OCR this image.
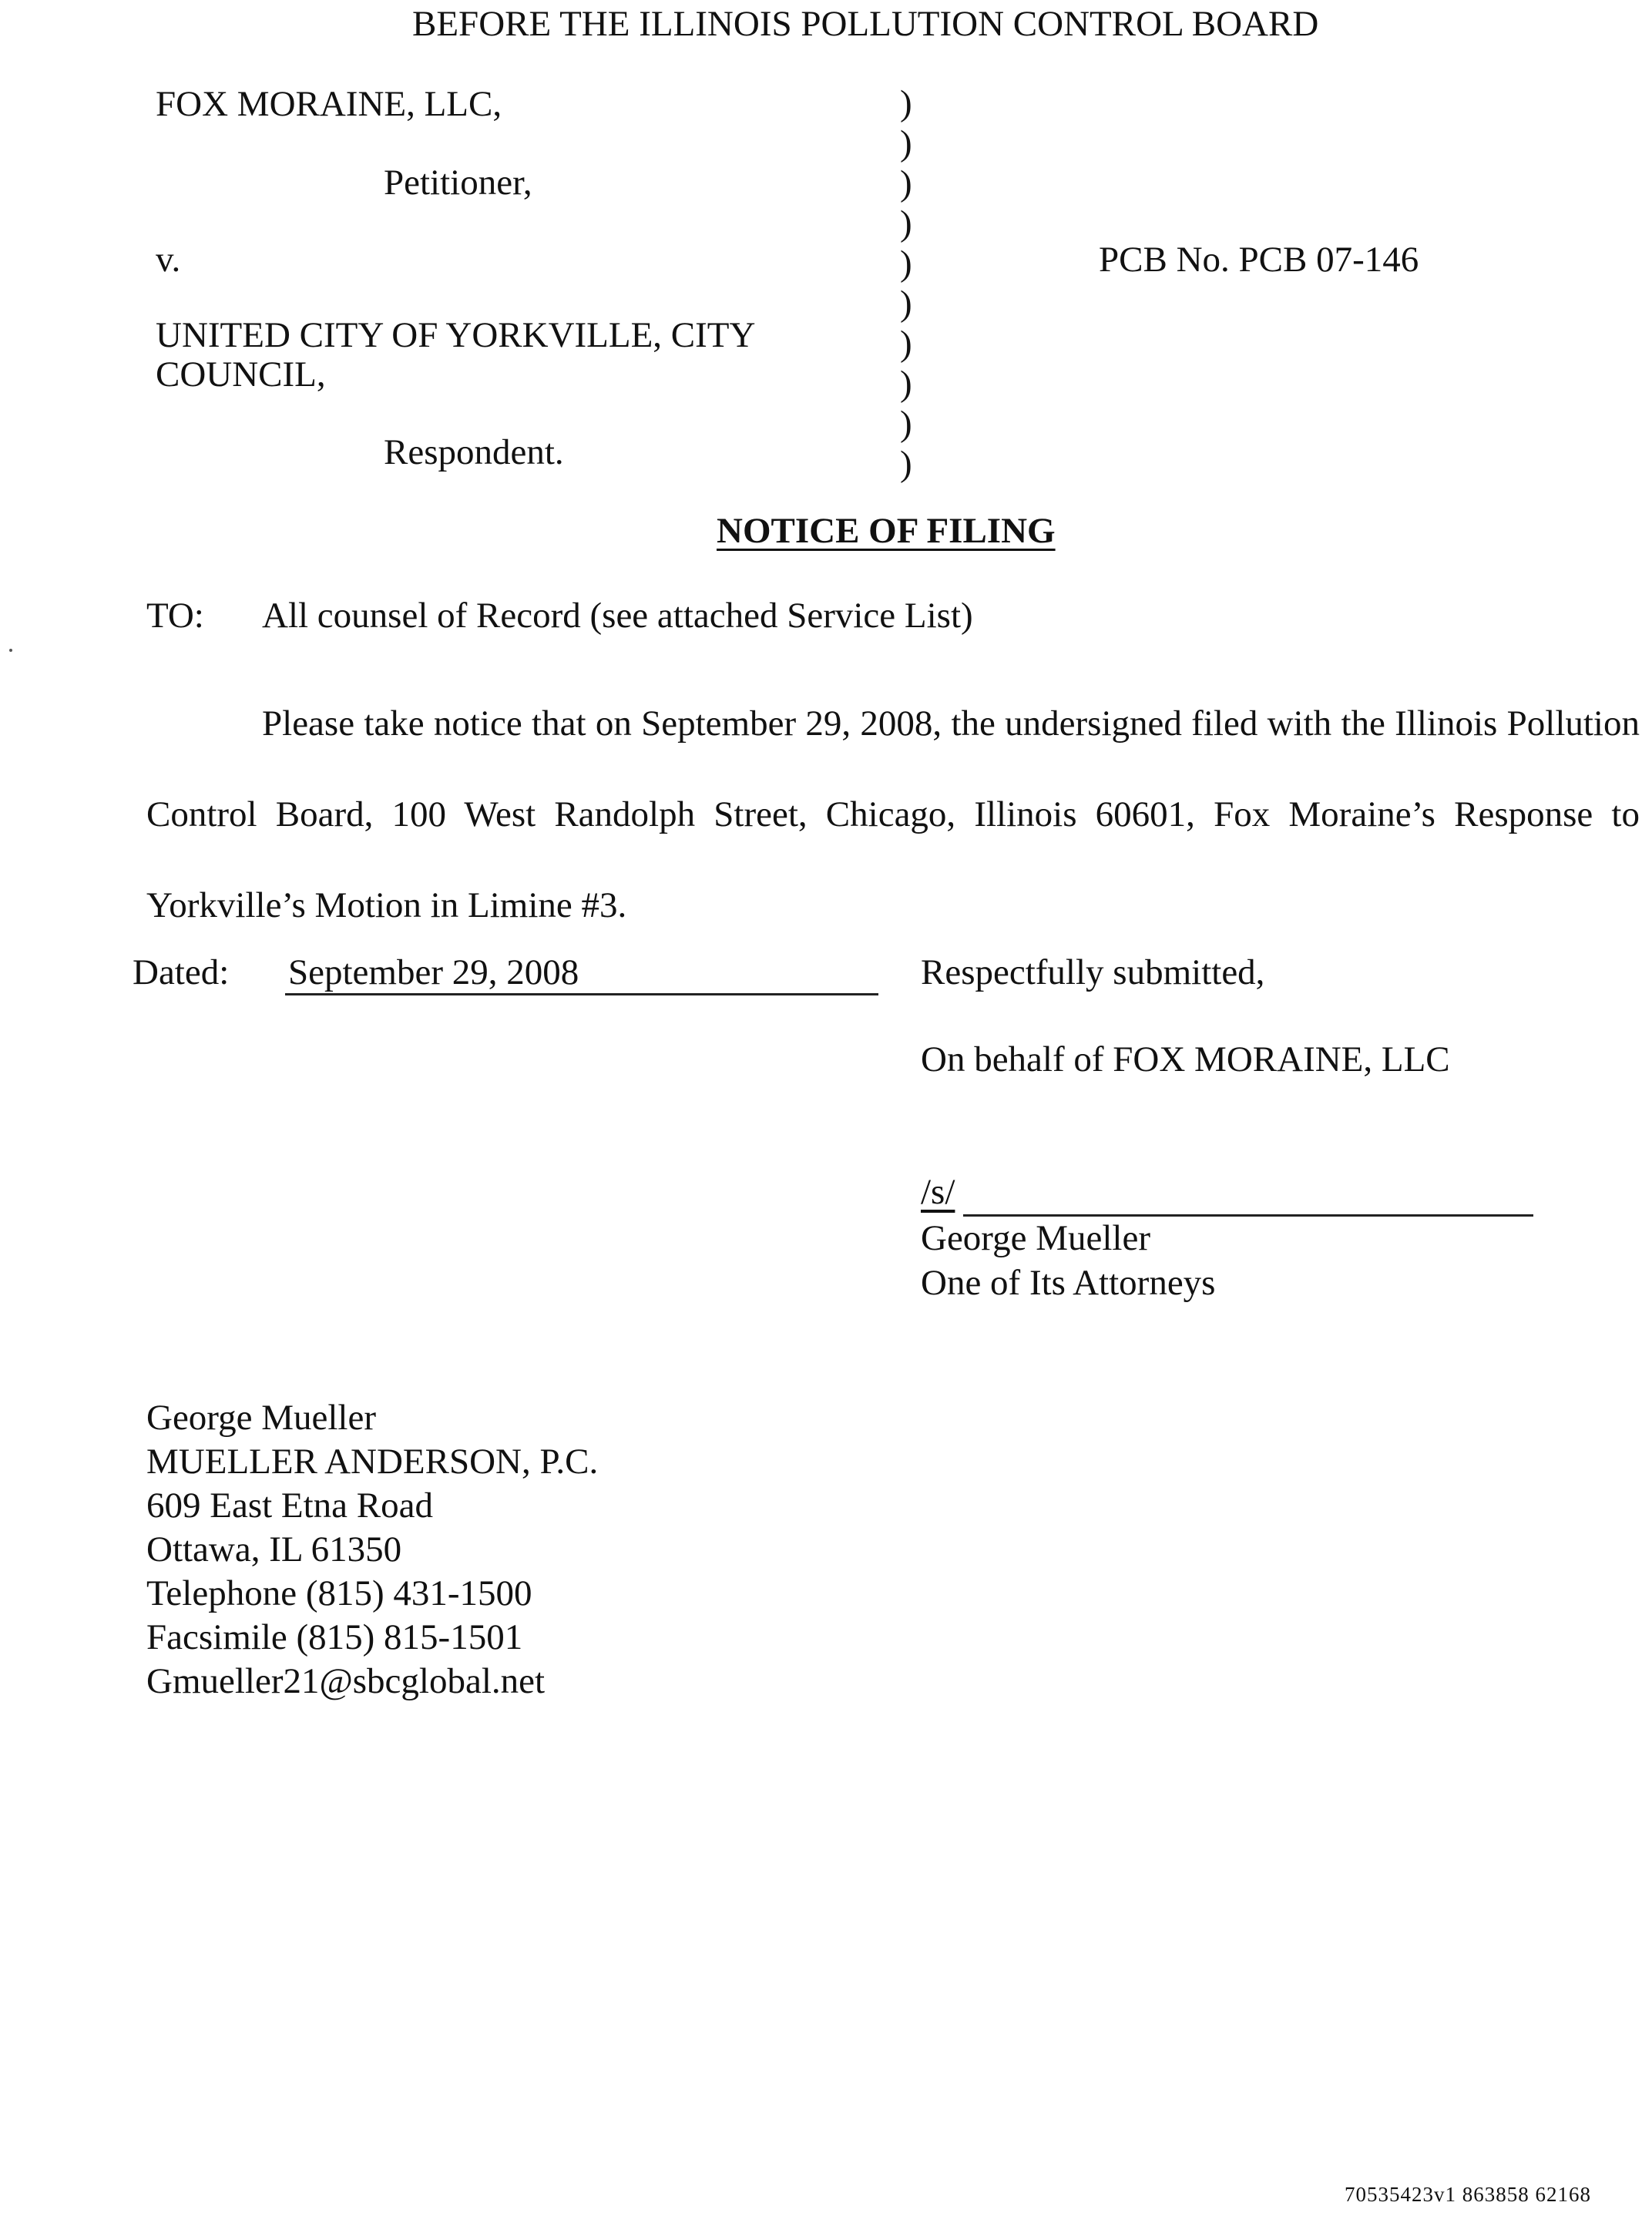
BEFORE THE ILLINOIS POLLUTION CONTROL BOARD
FOX MORAINE, LLC,
Petitioner,
v.
UNITED CITY OF YORKVILLE, CITY
COUNCIL,
Respondent.
)
)
)
)
)
)
)
)
)
)
PCB No. PCB 07-146
NOTICE OF FILING
TO: All counsel of Record (see attached Service List)

Please take notice that on September 29, 2008, the undersigned filed with the Illinois Pollution Control Board, 100 West Randolph Street, Chicago, Illinois 60601, Fox Moraine’s Response to Yorkville’s Motion in Limine #3.

Dated: September 29, 2008	Respectfully submitted,
On behalf of FOX MORAINE, LLC
/s/
George Mueller
One of Its Attorneys
George Mueller
MUELLER ANDERSON, P.C.
609 East Etna Road
Ottawa, IL 61350
Telephone (815) 431-1500
Facsimile (815) 815-1501
Gmueller21@sbcglobal.net
70535423v1 863858 62168
